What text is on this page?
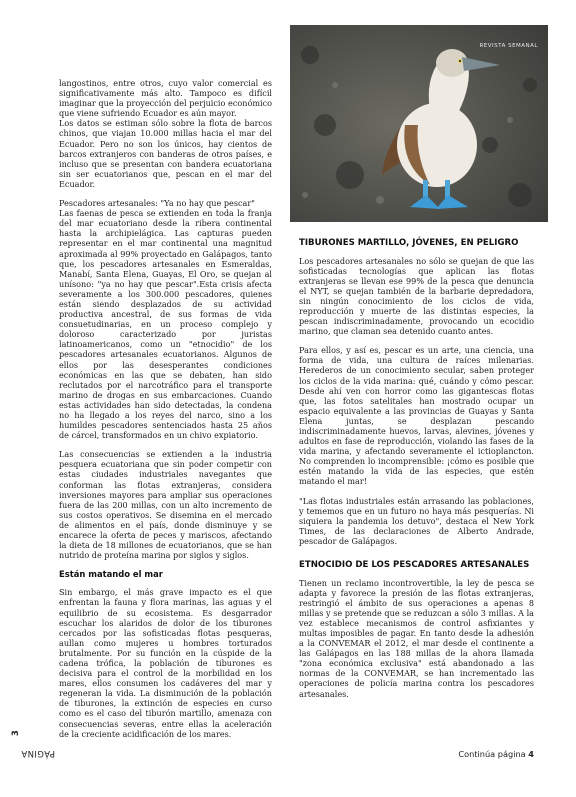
PÁGINA
3
REVISTA SEMANAL

langostinos, entre otros, cuyo valor comercial es significativamente más alto. Tampoco es difícil imaginar que la proyección del perjuicio económico que viene sufriendo Ecuador es aún mayor.

Los datos se estiman sólo sobre la flota de barcos chinos, que viajan 10.000 millas hacia el mar del Ecuador. Pero no son los únicos, hay cientos de barcos extranjeros con banderas de otros países, e incluso que se presentan con bandera ecuatoriana sin ser ecuatorianos que, pescan en el mar del Ecuador.

Pescadores artesanales: "Ya no hay que pescar"

Las faenas de pesca se extienden en toda la franja del mar ecuatoriano desde la ribera continental hasta la archipielágica. Las capturas pueden representar en el mar continental una magnitud aproximada al 99% proyectado en Galápagos, tanto que, los pescadores artesanales en Esmeraldas, Manabí, Santa Elena, Guayas, El Oro, se quejan al unísono: "ya no hay que pescar".Esta crisis afecta severamente a los 300.000 pescadores, quienes están siendo desplazados de su actividad productiva ancestral, de sus formas de vida consuetudinarias, en un proceso complejo y doloroso caracterizado por juristas latinoamericanos, como un "etnocidio" de los pescadores artesanales ecuatorianos. Algunos de ellos por las desesperantes condiciones económicas en las que se debaten, han sido reclutados por el narcotráfico para el transporte marino de drogas en sus embarcaciones. Cuando estas actividades han sido detectadas, la condena no ha llegado a los reyes del narco, sino a los humildes pescadores sentenciados hasta 25 años de cárcel, transformados en un chivo expiatorio.

Las consecuencias se extienden a la industria pesquera ecuatoriana que sin poder competir con estas ciudades industriales navegantes que conforman las flotas extranjeras, considera inversiones mayores para ampliar sus operaciones fuera de las 200 millas, con un alto incremento de sus costos operativos. Se disemina en el mercado de alimentos en el país, donde disminuye y se encarece la oferta de peces y mariscos, afectando la dieta de 18 millones de ecuatorianos, que se han nutrido de proteína marina por siglos y siglos.

Están matando el mar

Sin embargo, el más grave impacto es el que enfrentan la fauna y flora marinas, las aguas y el equilibrio de su ecosistema. Es desgarrador escuchar los alaridos de dolor de los tiburones cercados por las sofisticadas flotas pesqueras, aullan como mujeres u hombres torturados brutalmente. Por su función en la cúspide de la cadena trófica, la población de tiburones es decisiva para el control de la morbilidad en los mares, ellos consumen los cadáveres del mar y regeneran la vida. La disminución de la población de tiburones, la extinción de especies en curso como es el caso del tiburón martillo, amenaza con consecuencias severas, entre ellas la aceleración de la creciente acidificación de los mares.

TIBURONES MARTILLO, JÓVENES, EN PELIGRO

Los pescadores artesanales no sólo se quejan de que las sofisticadas tecnologías que aplican las flotas extranjeras se llevan ese 99% de la pesca que denuncia el NYT, se quejan también de la barbarie depredadora, sin ningún conocimiento de los ciclos de vida, reproducción y muerte de las distintas especies, la pescan indiscriminadamente, provocando un ecocidio marino, que claman sea detenido cuanto antes.

Para ellos, y así es, pescar es un arte, una ciencia, una forma de vida, una cultura de raíces milenarias. Herederos de un conocimiento secular, saben proteger los ciclos de la vida marina: qué, cuándo y cómo pescar. Desde ahí ven con horror como las gigantescas flotas que, las fotos satelitales han mostrado ocupar un espacio equivalente a las provincias de Guayas y Santa Elena juntas, se desplazan pescando indiscriminadamente huevos, larvas, alevines, jóvenes y adultos en fase de reproducción, violando las fases de la vida marina, y afectando severamente el ictioplancton. No comprenden lo incomprensible: ¡cómo es posible que estén matando la vida de las especies, que estén matando el mar!

"Las flotas industriales están arrasando las poblaciones, y tememos que en un futuro no haya más pesquerías. Ni siquiera la pandemia los detuvo", destaca el New York Times, de las declaraciones de Alberto Andrade, pescador de Galápagos.

ETNOCIDIO DE LOS PESCADORES ARTESANALES

Tienen un reclamo incontrovertible, la ley de pesca se adapta y favorece la presión de las flotas extranjeras, restringió el ámbito de sus operaciones a apenas 8 millas y se pretende que se reduzcan a sólo 3 millas. A la vez establece mecanismos de control asfixiantes y multas imposibles de pagar. En tanto desde la adhesión a la CONVEMAR el 2012, el mar desde el continente a las Galápagos en las 188 millas de la ahora llamada "zona económica exclusiva" está abandonado a las normas de la CONVEMAR, se han incrementado las operaciones de policía marina contra los pescadores artesanales.

Continúa página 4
